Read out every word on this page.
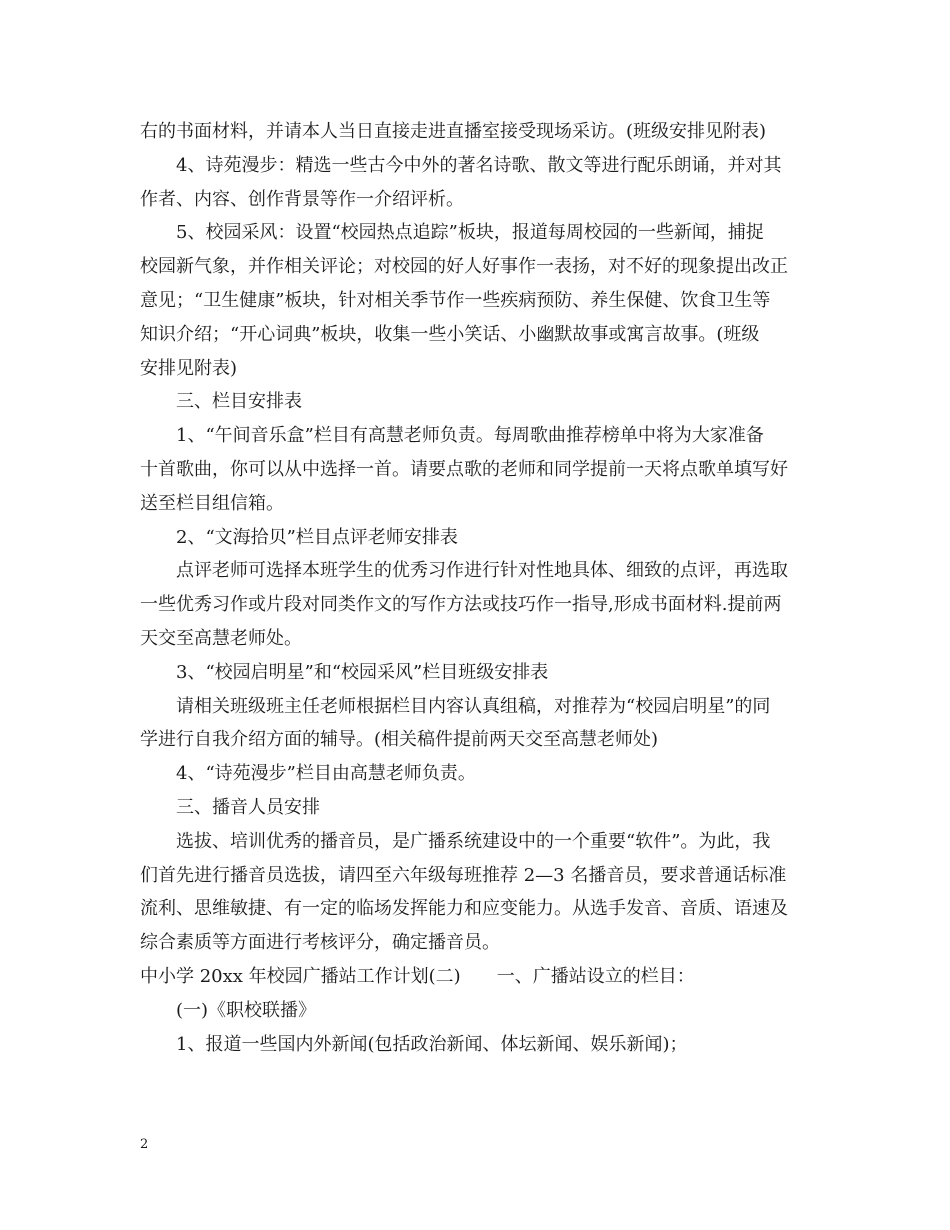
右的书面材料，并请本人当日直接走进直播室接受现场采访。(班级安排见附表)
4、诗苑漫步：精选一些古今中外的著名诗歌、散文等进行配乐朗诵，并对其
作者、内容、创作背景等作一介绍评析。
5、校园采风：设置“校园热点追踪”板块，报道每周校园的一些新闻，捕捉
校园新气象，并作相关评论；对校园的好人好事作一表扬，对不好的现象提出改正
意见；“卫生健康”板块，针对相关季节作一些疾病预防、养生保健、饮食卫生等
知识介绍；“开心词典”板块，收集一些小笑话、小幽默故事或寓言故事。(班级
安排见附表)
三、栏目安排表
1、“午间音乐盒”栏目有高慧老师负责。每周歌曲推荐榜单中将为大家准备
十首歌曲，你可以从中选择一首。请要点歌的老师和同学提前一天将点歌单填写好
送至栏目组信箱。
2、“文海拾贝”栏目点评老师安排表
点评老师可选择本班学生的优秀习作进行针对性地具体、细致的点评，再选取
一些优秀习作或片段对同类作文的写作方法或技巧作一指导,形成书面材料.提前两
天交至高慧老师处。
3、“校园启明星”和“校园采风”栏目班级安排表
请相关班级班主任老师根据栏目内容认真组稿，对推荐为“校园启明星”的同
学进行自我介绍方面的辅导。(相关稿件提前两天交至高慧老师处)
4、“诗苑漫步”栏目由高慧老师负责。
三、播音人员安排
选拔、培训优秀的播音员，是广播系统建设中的一个重要“软件”。为此，我
们首先进行播音员选拔，请四至六年级每班推荐 2—3 名播音员，要求普通话标准
流利、思维敏捷、有一定的临场发挥能力和应变能力。从选手发音、音质、语速及
综合素质等方面进行考核评分，确定播音员。
中小学 20xx 年校园广播站工作计划(二)　　一、广播站设立的栏目：
(一)《职校联播》
1、报道一些国内外新闻(包括政治新闻、体坛新闻、娱乐新闻)；
2
